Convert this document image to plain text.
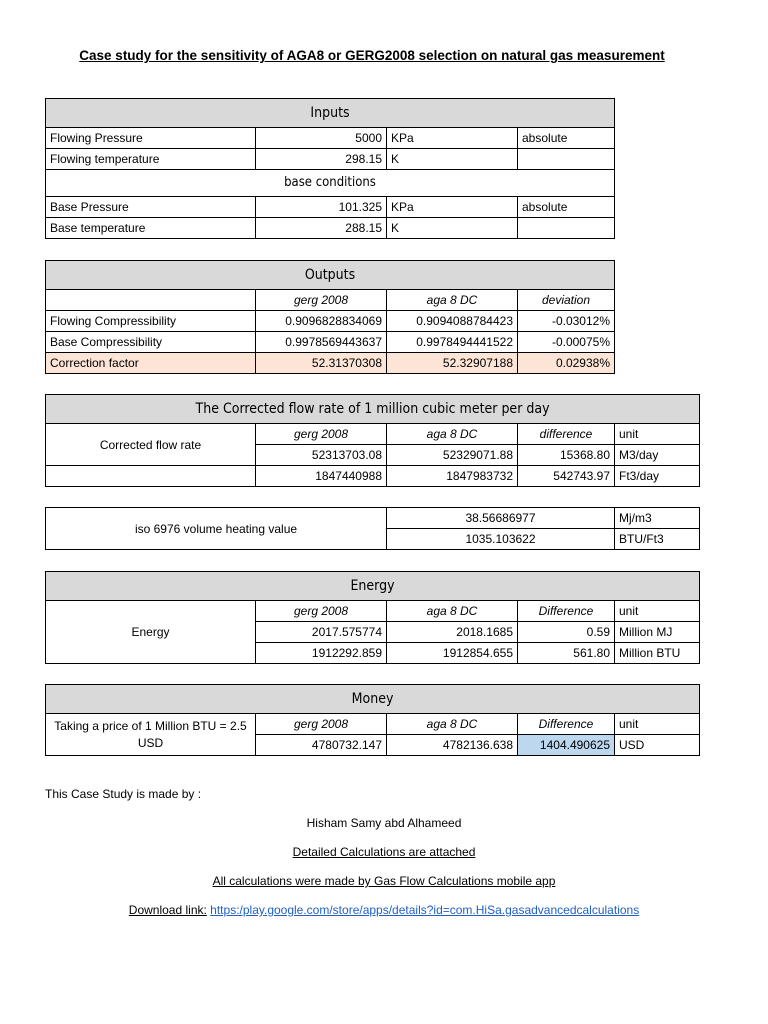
Case study for the sensitivity of AGA8 or GERG2008 selection on natural gas measurement
Inputs			
Flowing Pressure	5000	KPa	absolute
Flowing temperature	298.15	K	
base conditions			
Base Pressure	101.325	KPa	absolute
Base temperature	288.15	K	
Outputs			
	gerg 2008	aga 8 DC	deviation
Flowing Compressibility	0.9096828834069	0.9094088784423	-0.03012%
Base Compressibility	0.9978569443637	0.9978494441522	-0.00075%
Correction factor	52.31370308	52.32907188	0.02938%
The Corrected flow rate of 1 million cubic meter per day				
Corrected flow rate	gerg 2008	aga 8 DC	difference	unit
	52313703.08	52329071.88	15368.80	M3/day
	1847440988	1847983732	542743.97	Ft3/day
iso 6976 volume heating value	38.56686977	Mj/m3
	1035.103622	BTU/Ft3
Energy				
Energy	gerg 2008	aga 8 DC	Difference	unit
	2017.575774	2018.1685	0.59	Million MJ
	1912292.859	1912854.655	561.80	Million BTU
Money				
Taking a price of 1 Million BTU = 2.5 USD	gerg 2008	aga 8 DC	Difference	unit
	4780732.147	4782136.638	1404.490625	USD
This Case Study is made by :
Hisham Samy abd Alhameed
Detailed Calculations are attached
All calculations were made by Gas Flow Calculations mobile app
Download link: https:/play.google.com/store/apps/details?id=com.HiSa.gasadvancedcalculations
